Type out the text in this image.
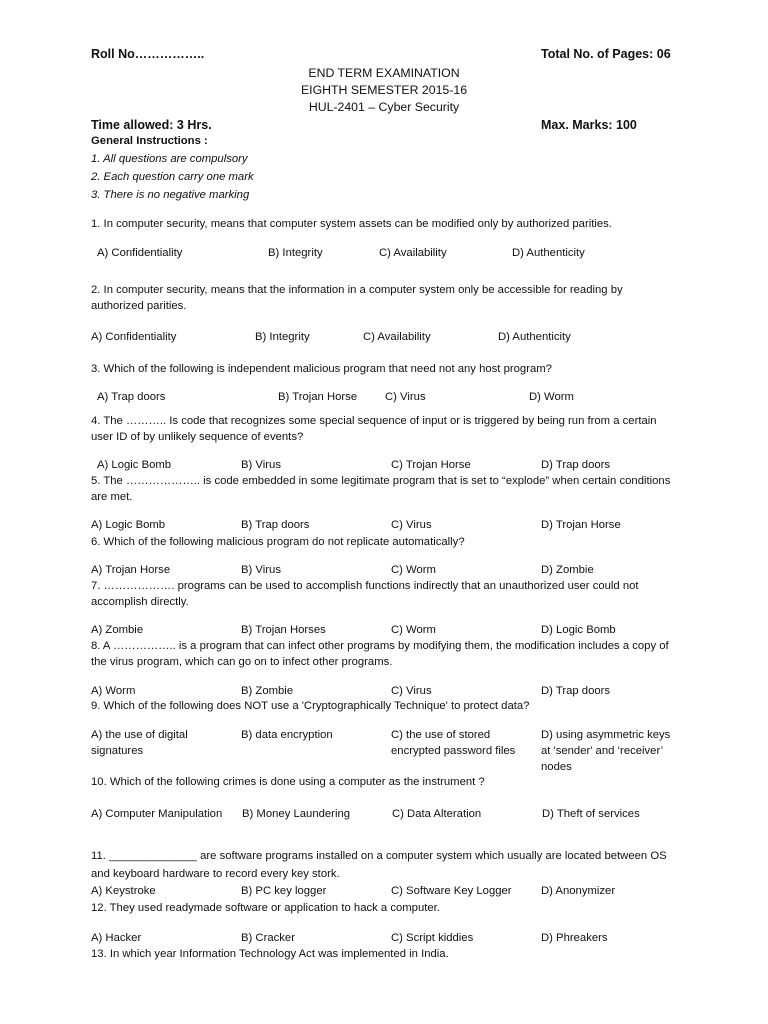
Roll No……………..	Total No. of Pages: 06
END TERM EXAMINATION
EIGHTH SEMESTER 2015-16
HUL-2401 – Cyber Security
Time allowed: 3 Hrs.	Max. Marks: 100
General Instructions :
1. All questions are compulsory
2. Each question carry one mark
3. There is no negative marking
1. In computer security, means that computer system assets can be modified only by authorized parities.
A) Confidentiality	B) Integrity	C) Availability	D) Authenticity
2. In computer security, means that the information in a computer system only be accessible for reading by
authorized parities.
A) Confidentiality	B) Integrity	C) Availability	D) Authenticity
3. Which of the following is independent malicious program that need not any host program?
A) Trap doors	B) Trojan Horse C) Virus	D) Worm
4. The ……….. Is code that recognizes some special sequence of input or is triggered by being run from a certain
user ID of by unlikely sequence of events?
A) Logic Bomb	B) Virus	C) Trojan Horse	D) Trap doors
5. The ……………….. is code embedded in some legitimate program that is set to “explode” when certain conditions
are met.
A) Logic Bomb	B) Trap doors	C) Virus	D) Trojan Horse
6. Which of the following malicious program do not replicate automatically?
A) Trojan Horse	B) Virus	C) Worm	D) Zombie
7. ………………. programs can be used to accomplish functions indirectly that an unauthorized user could not
accomplish directly.
A) Zombie	B) Trojan Horses	C) Worm	D) Logic Bomb
8. A …………….. is a program that can infect other programs by modifying them, the modification includes a copy of
the virus program, which can go on to infect other programs.
A) Worm	B) Zombie	C) Virus	D) Trap doors
9. Which of the following does NOT use a 'Cryptographically Technique' to protect data?
A) the use of digital
signatures
B) data encryption	C) the use of stored
encrypted password files
D) using asymmetric keys
at 'sender' and ‘receiver’
nodes
10. Which of the following crimes is done using a computer as the instrument ?
A) Computer Manipulation B) Money Laundering	C) Data Alteration	D) Theft of services
11. ______________ are software programs installed on a computer system which usually are located between OS
and keyboard hardware to record every key stork.
A) Keystroke	B) PC key logger	C) Software Key Logger	D) Anonymizer
12. They used readymade software or application to hack a computer.
A) Hacker	B) Cracker	C) Script kiddies	D) Phreakers
13. In which year Information Technology Act was implemented in India.
